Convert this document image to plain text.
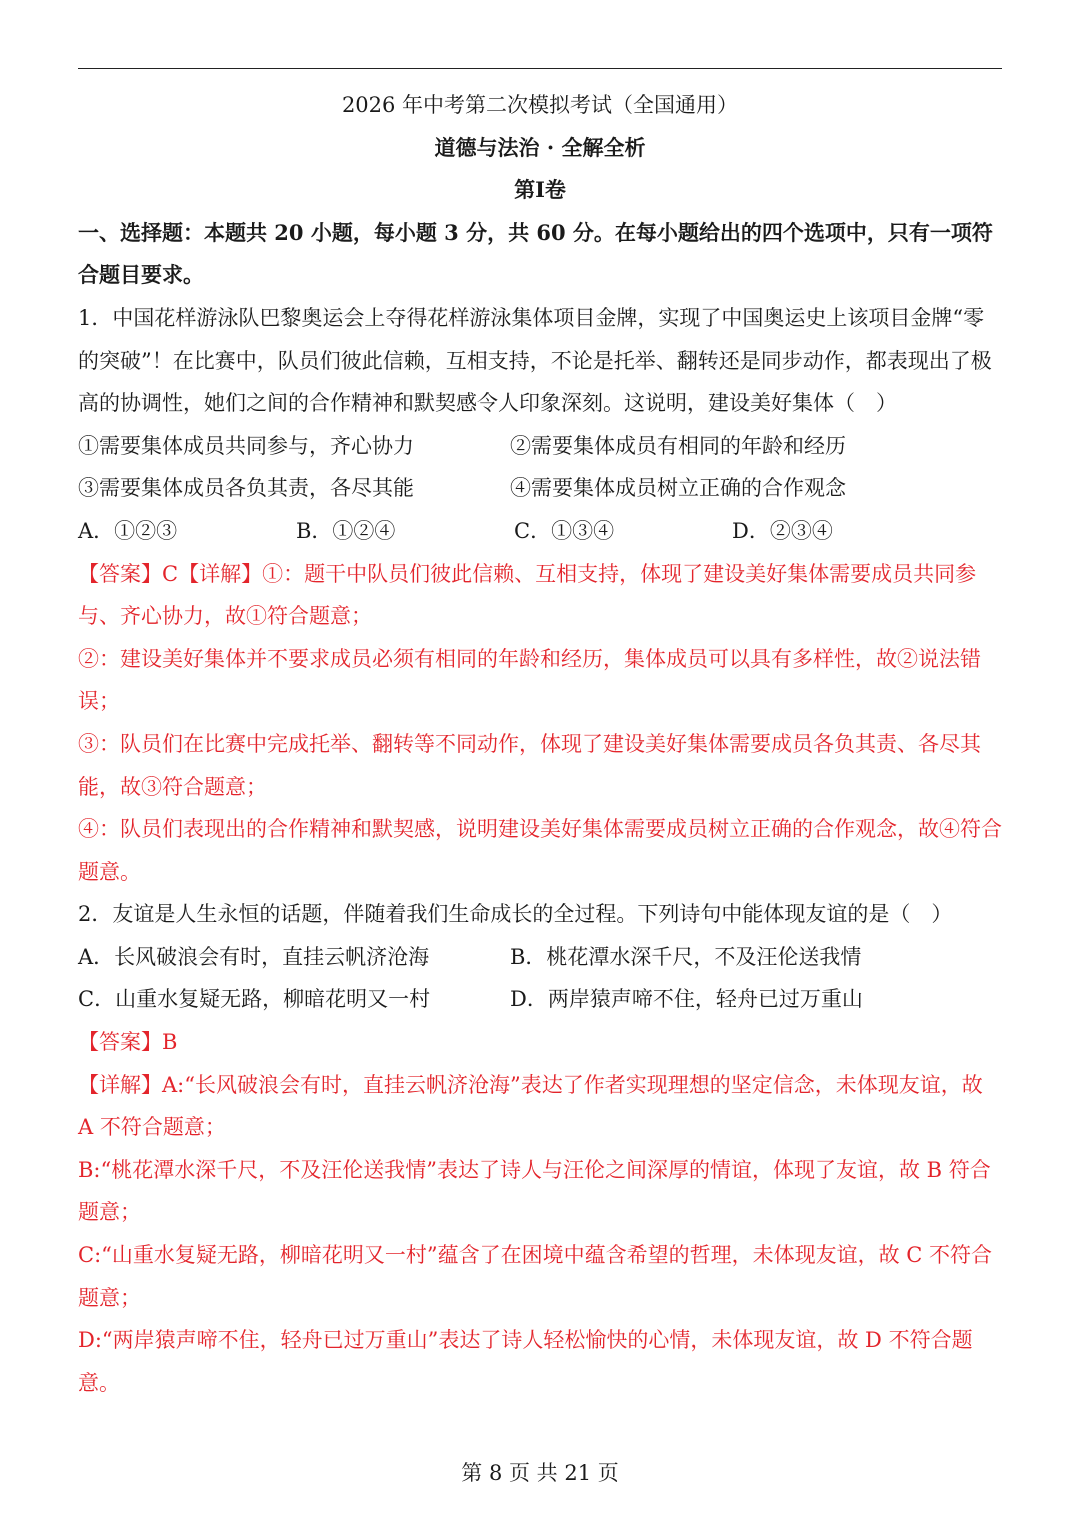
2026 年中考第二次模拟考试（全国通用）

道德与法治 · 全解全析

第Ⅰ卷

一、选择题：本题共 20 小题，每小题 3 分，共 60 分。在每小题给出的四个选项中，只有一项符合题目要求。

1．中国花样游泳队巴黎奥运会上夺得花样游泳集体项目金牌，实现了中国奥运史上该项目金牌“零的突破”！在比赛中，队员们彼此信赖，互相支持，不论是托举、翻转还是同步动作，都表现出了极高的协调性，她们之间的合作精神和默契感令人印象深刻。这说明，建设美好集体（　）

①需要集体成员共同参与，齐心协力	②需要集体成员有相同的年龄和经历
③需要集体成员各负其责，各尽其能	④需要集体成员树立正确的合作观念
A．①②③	B．①②④	C．①③④	D．②③④

【答案】C【详解】①：题干中队员们彼此信赖、互相支持，体现了建设美好集体需要成员共同参与、齐心协力，故①符合题意；

②：建设美好集体并不要求成员必须有相同的年龄和经历，集体成员可以具有多样性，故②说法错误；

③：队员们在比赛中完成托举、翻转等不同动作，体现了建设美好集体需要成员各负其责、各尽其能，故③符合题意；

④：队员们表现出的合作精神和默契感，说明建设美好集体需要成员树立正确的合作观念，故④符合题意。

2．友谊是人生永恒的话题，伴随着我们生命成长的全过程。下列诗句中能体现友谊的是（　）

A．长风破浪会有时，直挂云帆济沧海	B．桃花潭水深千尺，不及汪伦送我情
C．山重水复疑无路，柳暗花明又一村	D．两岸猿声啼不住，轻舟已过万重山

【答案】B

【详解】A:“长风破浪会有时，直挂云帆济沧海”表达了作者实现理想的坚定信念，未体现友谊，故 A 不符合题意；

B:“桃花潭水深千尺，不及汪伦送我情”表达了诗人与汪伦之间深厚的情谊，体现了友谊，故 B 符合题意；

C:“山重水复疑无路，柳暗花明又一村”蕴含了在困境中蕴含希望的哲理，未体现友谊，故 C 不符合题意；

D:“两岸猿声啼不住，轻舟已过万重山”表达了诗人轻松愉快的心情，未体现友谊，故 D 不符合题意。

第 8 页 共 21 页
